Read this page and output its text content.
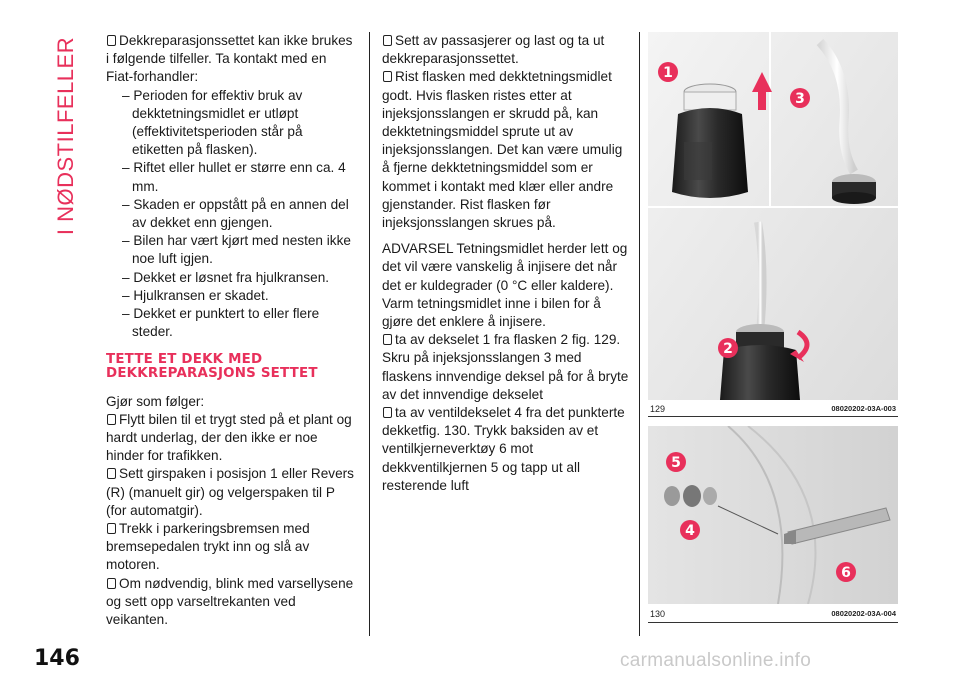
I NØDSTILFELLER	Dekkreparasjonssettet kan ikke brukes i følgende tilfeller. Ta kontakt med en Fiat-forhandler:

– Perioden for effektiv bruk av dekktetningsmidlet er utløpt (effektivitetsperioden står på etiketten på flasken).

– Riftet eller hullet er større enn ca. 4 mm.

– Skaden er oppstått på en annen del av dekket enn gjengen.

– Bilen har vært kjørt med nesten ikke noe luft igjen.

– Dekket er løsnet fra hjulkransen.

– Hjulkransen er skadet.

– Dekket er punktert to eller flere steder.

TETTE ET DEKK MED DEKKREPARASJONS SETTET

Gjør som følger:

Flytt bilen til et trygt sted på et plant og hardt underlag, der den ikke er noe hinder for trafikken.

Sett girspaken i posisjon 1 eller Revers (R) (manuelt gir) og velgerspaken til P (for automatgir).

Trekk i parkeringsbremsen med bremsepedalen trykt inn og slå av motoren.

Om nødvendig, blink med varsellysene og sett opp varseltrekanten ved veikanten.

Sett av passasjerer og last og ta ut dekkreparasjonssettet.

Rist flasken med dekktetningsmidlet godt. Hvis flasken ristes etter at injeksjonsslangen er skrudd på, kan dekktetningsmiddel sprute ut av injeksjonsslangen. Det kan være umulig å fjerne dekktetningsmiddel som er kommet i kontakt med klær eller andre gjenstander. Rist flasken før injeksjonsslangen skrues på.

ADVARSEL Tetningsmidlet herder lett og det vil være vanskelig å injisere det når det er kuldegrader (0 °C eller kaldere). Varm tetningsmidlet inne i bilen for å gjøre det enklere å injisere.

ta av dekselet 1 fra flasken 2 fig. 129. Skru på injeksjonsslangen 3 med flaskens innvendige deksel på for å bryte av det innvendige dekselet

ta av ventildekselet 4 fra det punkterte dekketfig. 130. Trykk baksiden av et ventilkjerneverktøy 6 mot dekkventilkjernen 5 og tapp ut all resterende luft

1
3
2
129	08020202-03A-003
5
4
6
130	08020202-03A-004
146	carmanualsonline.info
